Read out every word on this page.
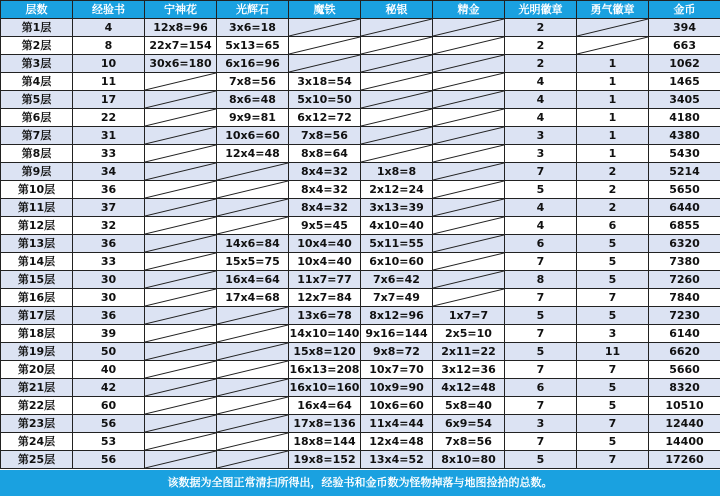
层数	经验书	宁神花	光辉石	魔铁	秘银	精金	光明徽章	勇气徽章	金币
第1层	4	12x8=96	3x6=18				2		394
第2层	8	22x7=154	5x13=65				2		663
第3层	10	30x6=180	6x16=96				2	1	1062
第4层	11		7x8=56	3x18=54			4	1	1465
第5层	17		8x6=48	5x10=50			4	1	3405
第6层	22		9x9=81	6x12=72			4	1	4180
第7层	31		10x6=60	7x8=56			3	1	4380
第8层	33		12x4=48	8x8=64			3	1	5430
第9层	34			8x4=32	1x8=8		7	2	5214
第10层	36			8x4=32	2x12=24		5	2	5650
第11层	37			8x4=32	3x13=39		4	2	6440
第12层	32			9x5=45	4x10=40		4	6	6855
第13层	36		14x6=84	10x4=40	5x11=55		6	5	6320
第14层	33		15x5=75	10x4=40	6x10=60		7	5	7380
第15层	30		16x4=64	11x7=77	7x6=42		8	5	7260
第16层	30		17x4=68	12x7=84	7x7=49		7	7	7840
第17层	36			13x6=78	8x12=96	1x7=7	5	5	7230
第18层	39			14x10=140	9x16=144	2x5=10	7	3	6140
第19层	50			15x8=120	9x8=72	2x11=22	5	11	6620
第20层	40			16x13=208	10x7=70	3x12=36	7	7	5660
第21层	42			16x10=160	10x9=90	4x12=48	6	5	8320
第22层	60			16x4=64	10x6=60	5x8=40	7	5	10510
第23层	56			17x8=136	11x4=44	6x9=54	3	7	12440
第24层	53			18x8=144	12x4=48	7x8=56	7	5	14400
第25层	56			19x8=152	13x4=52	8x10=80	5	7	17260
该数据为全图正常清扫所得出，经验书和金币数为怪物掉落与地图捡拾的总数。
